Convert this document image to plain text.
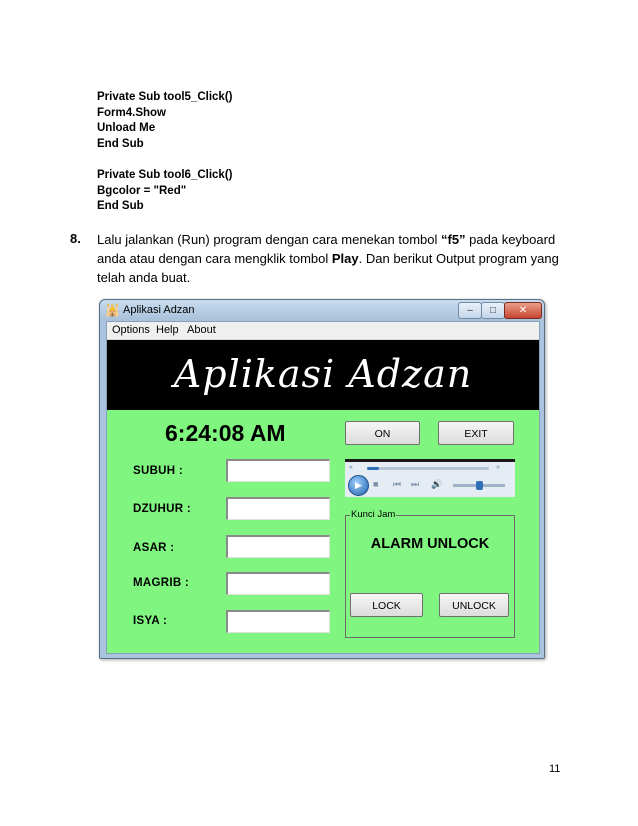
Private Sub tool5_Click()
Form4.Show
Unload Me
End Sub
Private Sub tool6_Click()
Bgcolor = "Red"
End Sub
8. Lalu jalankan (Run) program dengan cara menekan tombol “f5” pada keyboard anda atau dengan cara mengklik tombol Play. Dan berikut Output program yang telah anda buat.
🕌 Aplikasi Adzan	–	□	✕
Options Help About
Aplikasi Adzan
6:24:08 AM	ON	EXIT
SUBUH :
DZUHUR :
ASAR :
MAGRIB :
ISYA :
«	»
▶	■ ⏮ ⏭ 🔊
Kunci Jam
ALARM UNLOCK
LOCK	UNLOCK
11
